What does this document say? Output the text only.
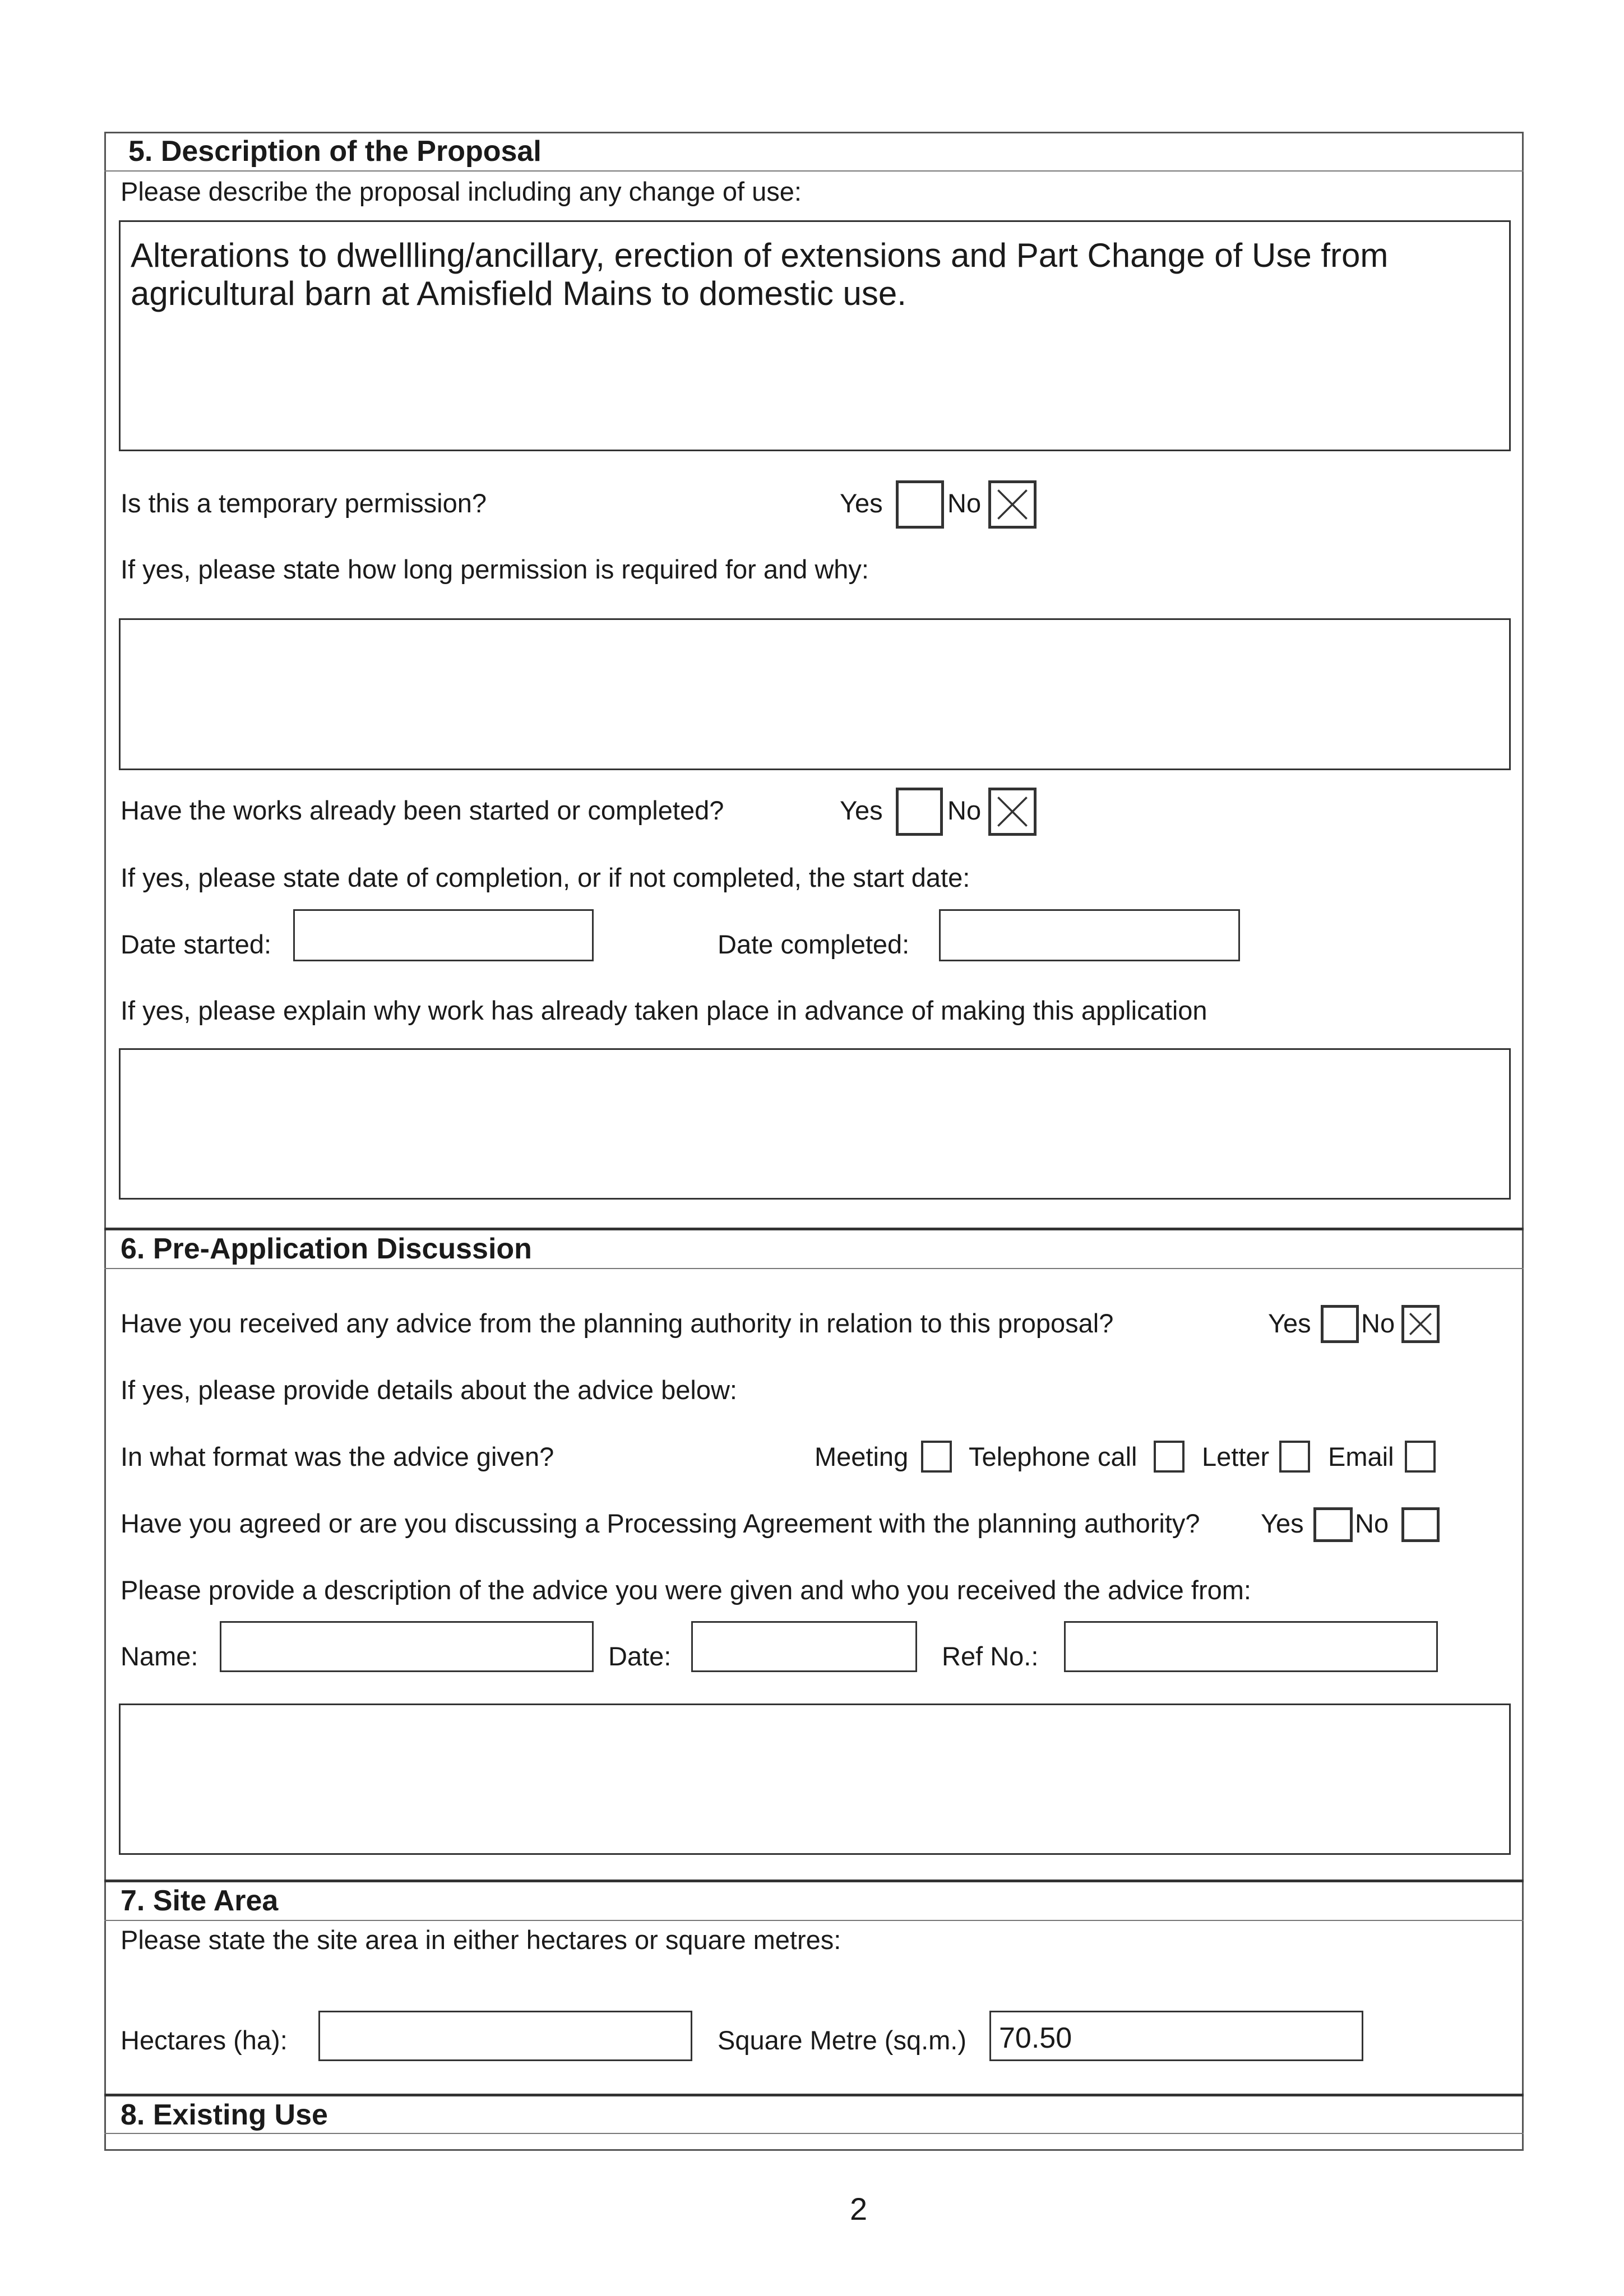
5. Description of the Proposal
Please describe the proposal including any change of use:
Alterations to dwellling/ancillary, erection of extensions and Part Change of Use from
agricultural barn at Amisfield Mains to domestic use.
Is this a temporary permission?	Yes No
If yes, please state how long permission is required for and why:
Have the works already been started or completed?	Yes No
If yes, please state date of completion, or if not completed, the start date:
Date started:	Date completed:
If yes, please explain why work has already taken place in advance of making this application
6. Pre-Application Discussion
Have you received any advice from the planning authority in relation to this proposal?	Yes No
If yes, please provide details about the advice below:
In what format was the advice given?	Meeting Telephone call Letter Email
Have you agreed or are you discussing a Processing Agreement with the planning authority? Yes No
Please provide a description of the advice you were given and who you received the advice from:
Name:	Date:	Ref No.:
7. Site Area
Please state the site area in either hectares or square metres:
Hectares (ha):	Square Metre (sq.m.) 70.50
8. Existing Use
2
